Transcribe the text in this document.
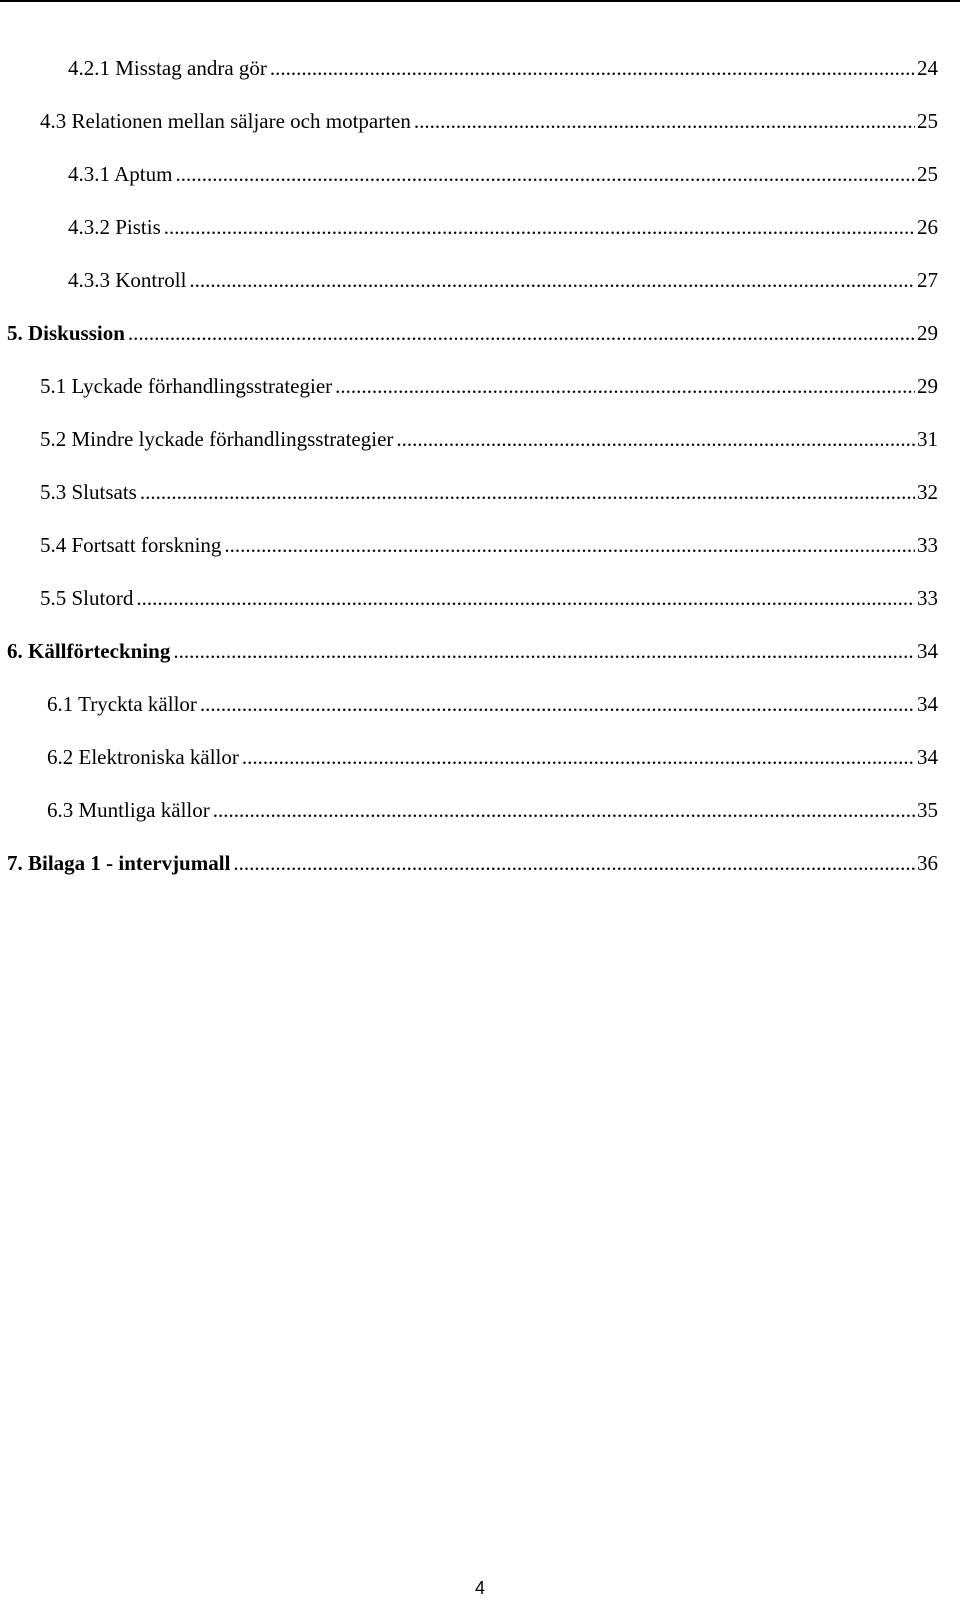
4.2.1 Misstag andra gör .....	24
4.3 Relationen mellan säljare och motparten .....	25
4.3.1 Aptum .....	25
4.3.2 Pistis .....	26
4.3.3 Kontroll .....	27
5. Diskussion .....	29
5.1 Lyckade förhandlingsstrategier .....	29
5.2 Mindre lyckade förhandlingsstrategier .....	31
5.3 Slutsats .....	32
5.4 Fortsatt forskning .....	33
5.5 Slutord .....	33
6. Källförteckning .....	34
6.1 Tryckta källor .....	34
6.2 Elektroniska källor .....	34
6.3 Muntliga källor .....	35
7. Bilaga 1 - intervjumall .....	36
4
